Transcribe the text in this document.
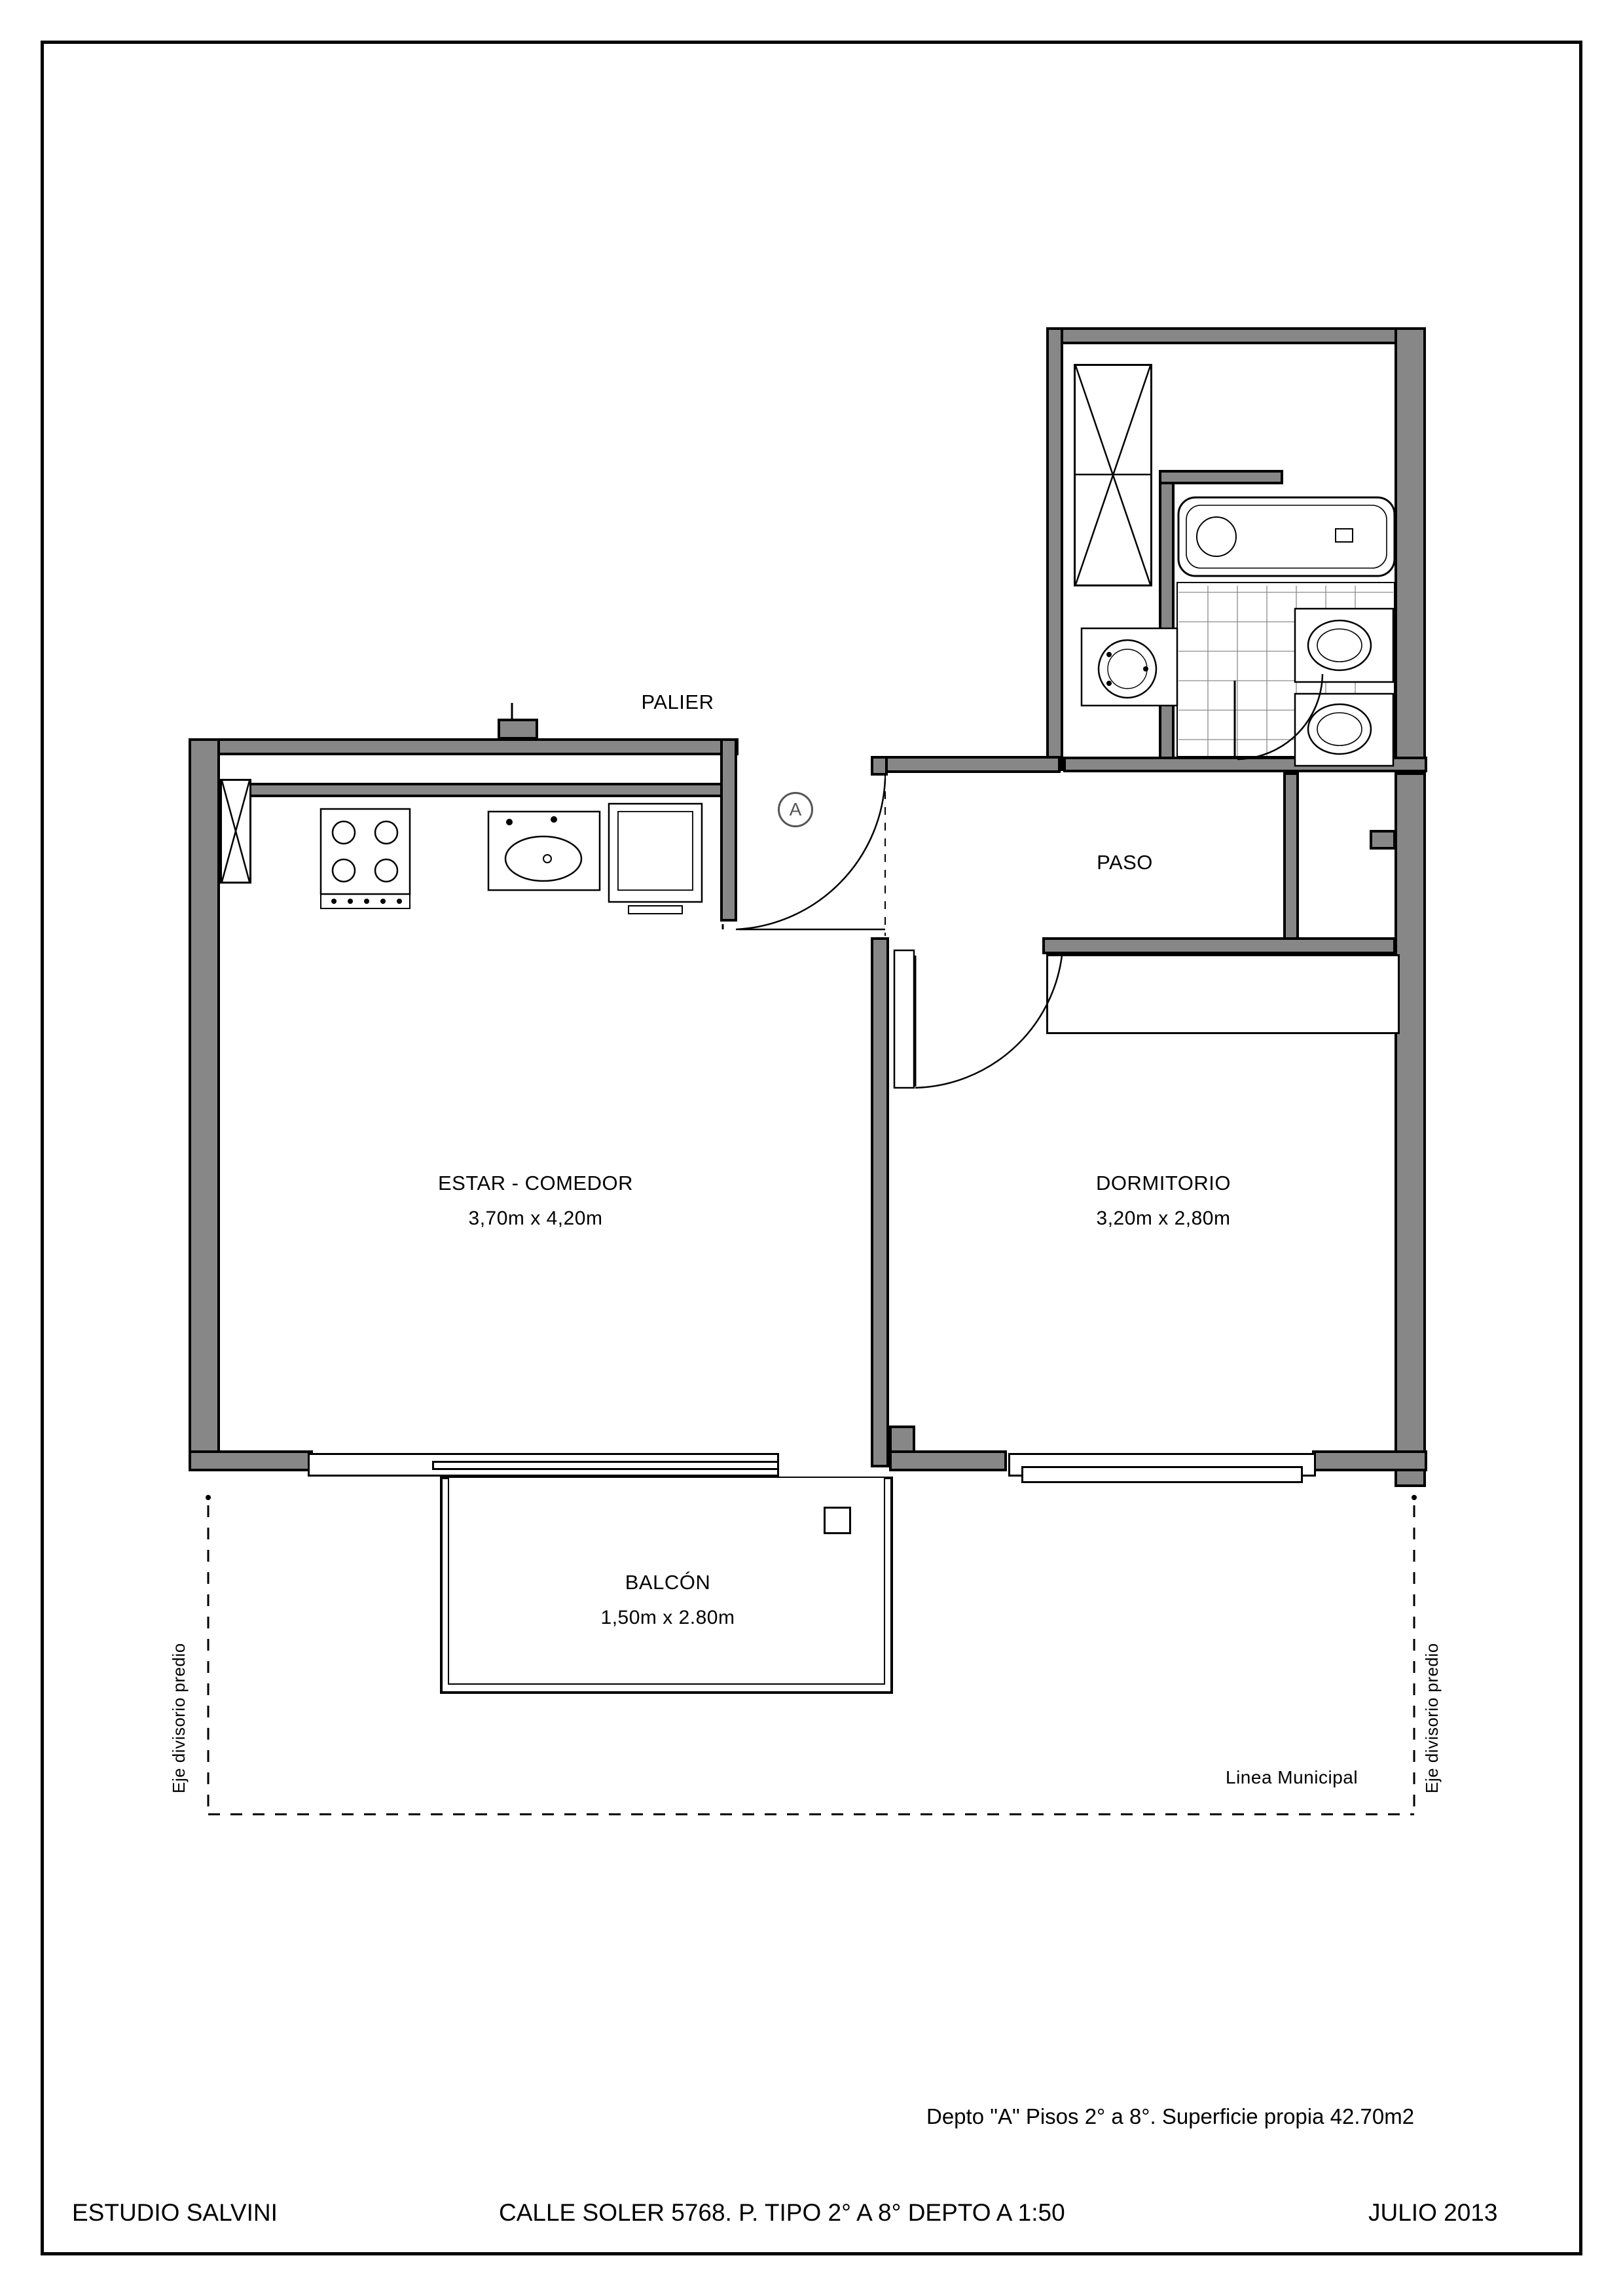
PALIER
PASO
ESTAR - COMEDOR
3,70m x 4,20m
DORMITORIO
3,20m x 2,80m
BALCÓN
1,50m x 2.80m
A
Eje divisorio predio	Eje divisorio predio
Linea Municipal
Depto "A" Pisos 2° a 8°. Superficie propia 42.70m2
ESTUDIO SALVINI	CALLE SOLER 5768. P. TIPO 2° A 8° DEPTO A 1:50	JULIO 2013
